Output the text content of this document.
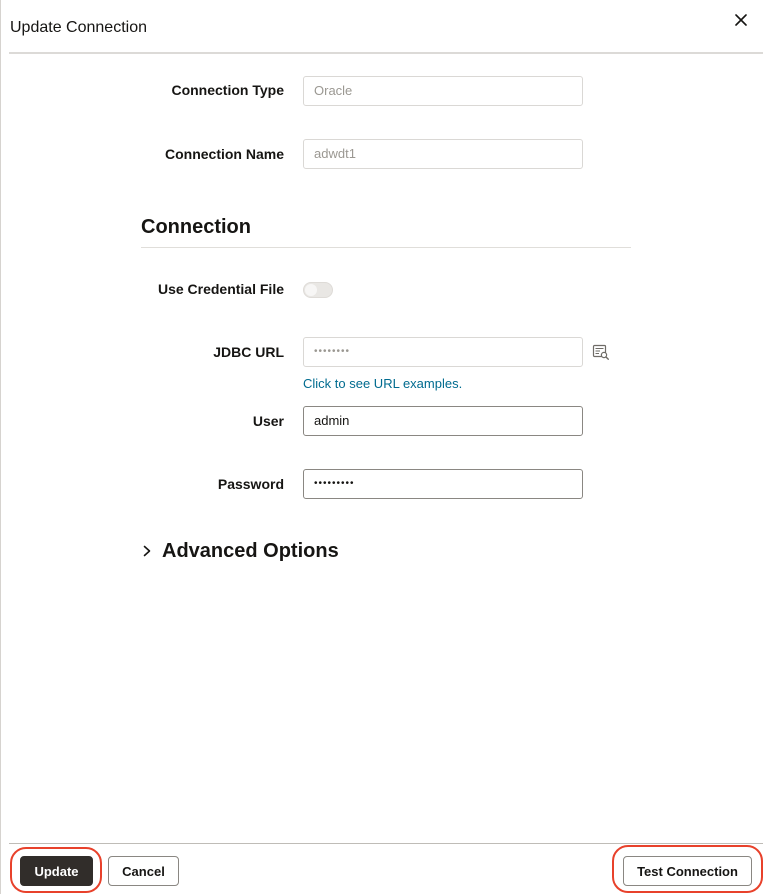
Update Connection
Connection Type	Oracle
Connection Name	adwdt1
Connection
Use Credential File
JDBC URL	••••••••
Click to see URL examples.
User	admin
Password	•••••••••
Advanced Options
Update	Cancel	Test Connection
